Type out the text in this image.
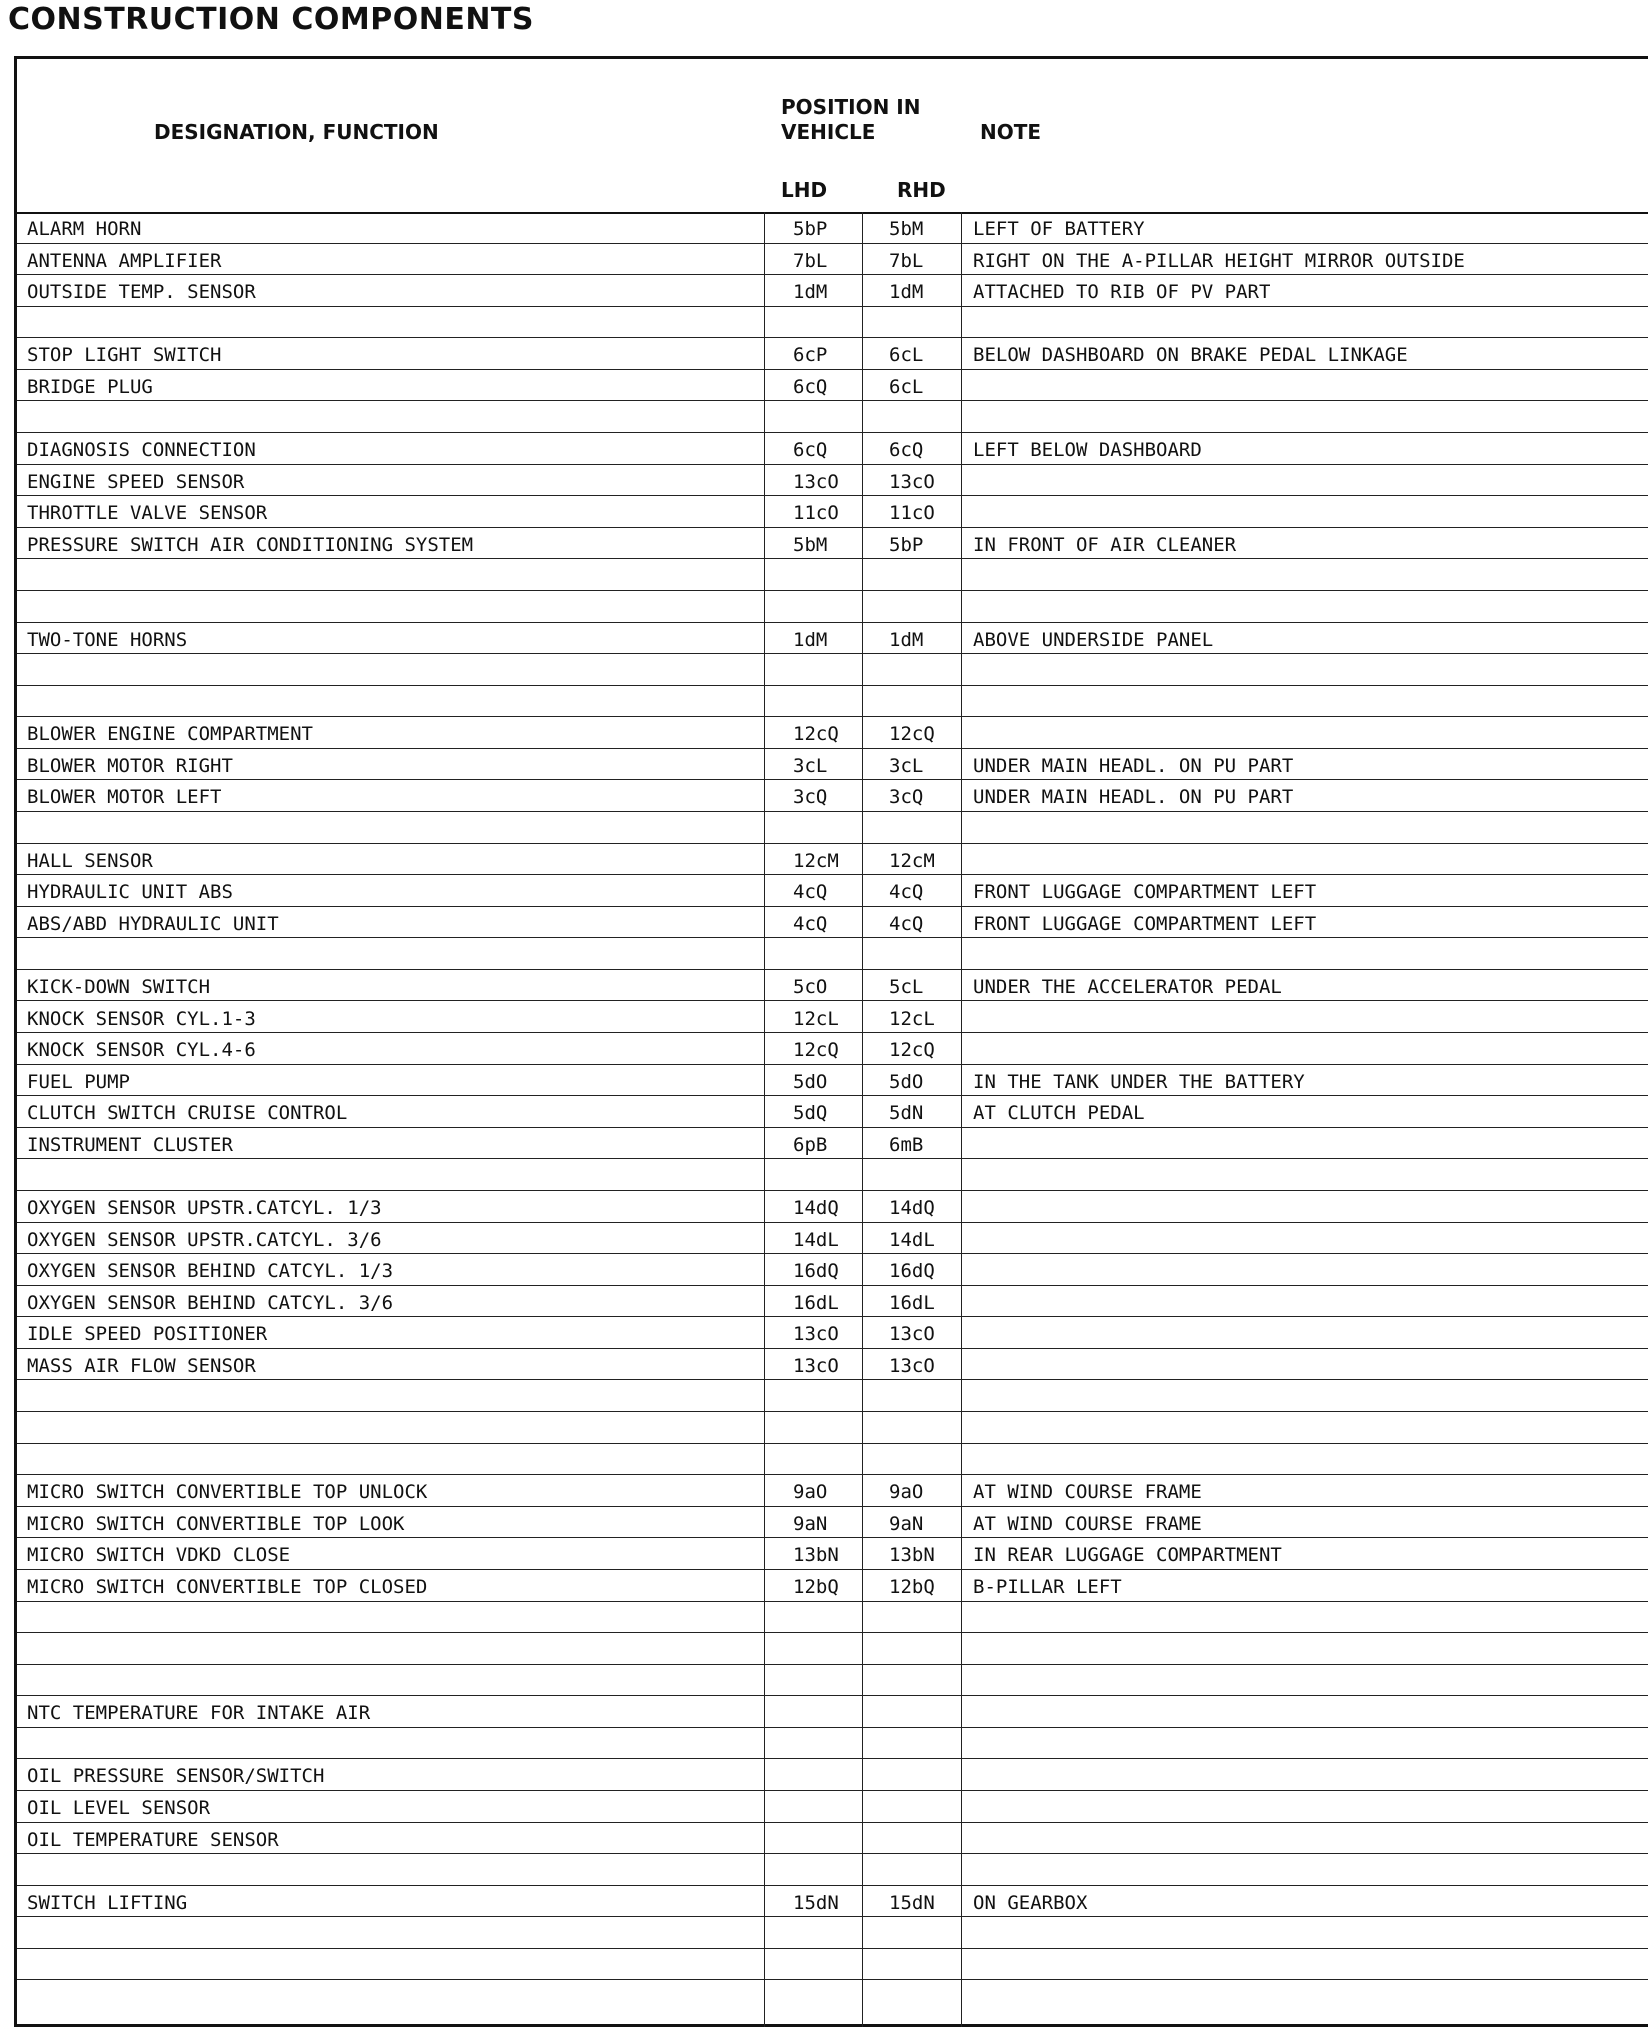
CONSTRUCTION COMPONENTS
DESIGNATION, FUNCTION
POSITION IN
VEHICLE	NOTE
LHD	RHD
ALARM HORN	5bP	5bM	LEFT OF BATTERY
ANTENNA AMPLIFIER	7bL	7bL	RIGHT ON THE A-PILLAR HEIGHT MIRROR OUTSIDE
OUTSIDE TEMP. SENSOR	1dM	1dM	ATTACHED TO RIB OF PV PART
STOP LIGHT SWITCH	6cP	6cL	BELOW DASHBOARD ON BRAKE PEDAL LINKAGE
BRIDGE PLUG	6cQ	6cL
DIAGNOSIS CONNECTION	6cQ	6cQ	LEFT BELOW DASHBOARD
ENGINE SPEED SENSOR	13cO	13cO
THROTTLE VALVE SENSOR	11cO	11cO
PRESSURE SWITCH AIR CONDITIONING SYSTEM	5bM	5bP	IN FRONT OF AIR CLEANER
TWO-TONE HORNS	1dM	1dM	ABOVE UNDERSIDE PANEL
BLOWER ENGINE COMPARTMENT	12cQ	12cQ
BLOWER MOTOR RIGHT	3cL	3cL	UNDER MAIN HEADL. ON PU PART
BLOWER MOTOR LEFT	3cQ	3cQ	UNDER MAIN HEADL. ON PU PART
HALL SENSOR	12cM	12cM
HYDRAULIC UNIT ABS	4cQ	4cQ	FRONT LUGGAGE COMPARTMENT LEFT
ABS/ABD HYDRAULIC UNIT	4cQ	4cQ	FRONT LUGGAGE COMPARTMENT LEFT
KICK-DOWN SWITCH	5cO	5cL	UNDER THE ACCELERATOR PEDAL
KNOCK SENSOR CYL.1-3	12cL	12cL
KNOCK SENSOR CYL.4-6	12cQ	12cQ
FUEL PUMP	5dO	5dO	IN THE TANK UNDER THE BATTERY
CLUTCH SWITCH CRUISE CONTROL	5dQ	5dN	AT CLUTCH PEDAL
INSTRUMENT CLUSTER	6pB	6mB
OXYGEN SENSOR UPSTR.CATCYL. 1/3	14dQ	14dQ
OXYGEN SENSOR UPSTR.CATCYL. 3/6	14dL	14dL
OXYGEN SENSOR BEHIND CATCYL. 1/3	16dQ	16dQ
OXYGEN SENSOR BEHIND CATCYL. 3/6	16dL	16dL
IDLE SPEED POSITIONER	13cO	13cO
MASS AIR FLOW SENSOR	13cO	13cO
MICRO SWITCH CONVERTIBLE TOP UNLOCK	9aO	9aO	AT WIND COURSE FRAME
MICRO SWITCH CONVERTIBLE TOP LOOK	9aN	9aN	AT WIND COURSE FRAME
MICRO SWITCH VDKD CLOSE	13bN	13bN	IN REAR LUGGAGE COMPARTMENT
MICRO SWITCH CONVERTIBLE TOP CLOSED	12bQ	12bQ	B-PILLAR LEFT
NTC TEMPERATURE FOR INTAKE AIR
OIL PRESSURE SENSOR/SWITCH
OIL LEVEL SENSOR
OIL TEMPERATURE SENSOR
SWITCH LIFTING	15dN	15dN	ON GEARBOX
